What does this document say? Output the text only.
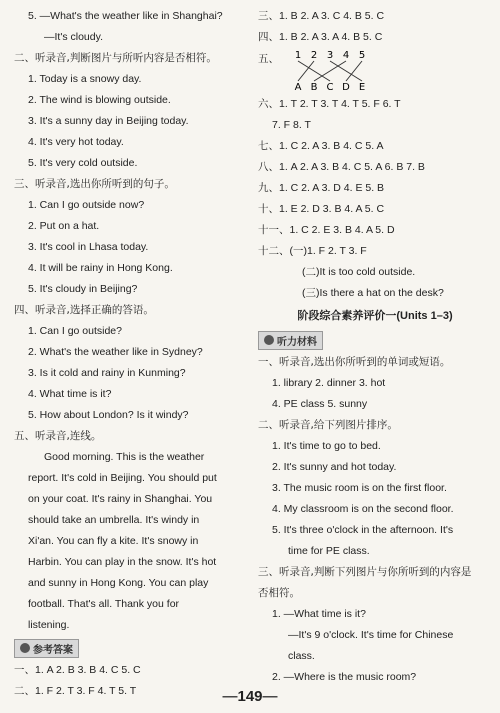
5. —What's the weather like in Shanghai?
—It's cloudy.
二、听录音,判断图片与所听内容是否相符。
1. Today is a snowy day.
2. The wind is blowing outside.
3. It's a sunny day in Beijing today.
4. It's very hot today.
5. It's very cold outside.
三、听录音,选出你所听到的句子。
1. Can I go outside now?
2. Put on a hat.
3. It's cool in Lhasa today.
4. It will be rainy in Hong Kong.
5. It's cloudy in Beijing?
四、听录音,选择正确的答语。
1. Can I go outside?
2. What's the weather like in Sydney?
3. Is it cold and rainy in Kunming?
4. What time is it?
5. How about London? Is it windy?
五、听录音,连线。

Good morning. This is the weather

report. It's cold in Beijing. You should put

on your coat. It's rainy in Shanghai. You

should take an umbrella. It's windy in

Xi'an. You can fly a kite. It's snowy in

Harbin. You can play in the snow. It's hot

and sunny in Hong Kong. You can play

football. That's all. Thank you for

listening.

参考答案
一、1. A 2. B 3. B 4. C 5. C
二、1. F 2. T 3. F 4. T 5. T
三、1. B 2. A 3. C 4. B 5. C
四、1. B 2. A 3. A 4. B 5. C
五、 1 2 3 4 5
A B C D E
六、1. T 2. T 3. T 4. T 5. F 6. T
7. F 8. T
七、1. C 2. A 3. B 4. C 5. A
八、1. A 2. A 3. B 4. C 5. A 6. B 7. B
九、1. C 2. A 3. D 4. E 5. B
十、1. E 2. D 3. B 4. A 5. C
十一、1. C 2. E 3. B 4. A 5. D
十二、(一)1. F 2. T 3. F
(二)It is too cold outside.
(三)Is there a hat on the desk?
阶段综合素养评价一(Units 1–3)
听力材料
一、听录音,选出你所听到的单词或短语。
1. library 2. dinner 3. hot
4. PE class 5. sunny
二、听录音,给下列图片排序。
1. It's time to go to bed.
2. It's sunny and hot today.
3. The music room is on the first floor.
4. My classroom is on the second floor.
5. It's three o'clock in the afternoon. It's
time for PE class.
三、听录音,判断下列图片与你所听到的内容是
否相符。
1. —What time is it?
—It's 9 o'clock. It's time for Chinese
class.
2. —Where is the music room?
—149—
